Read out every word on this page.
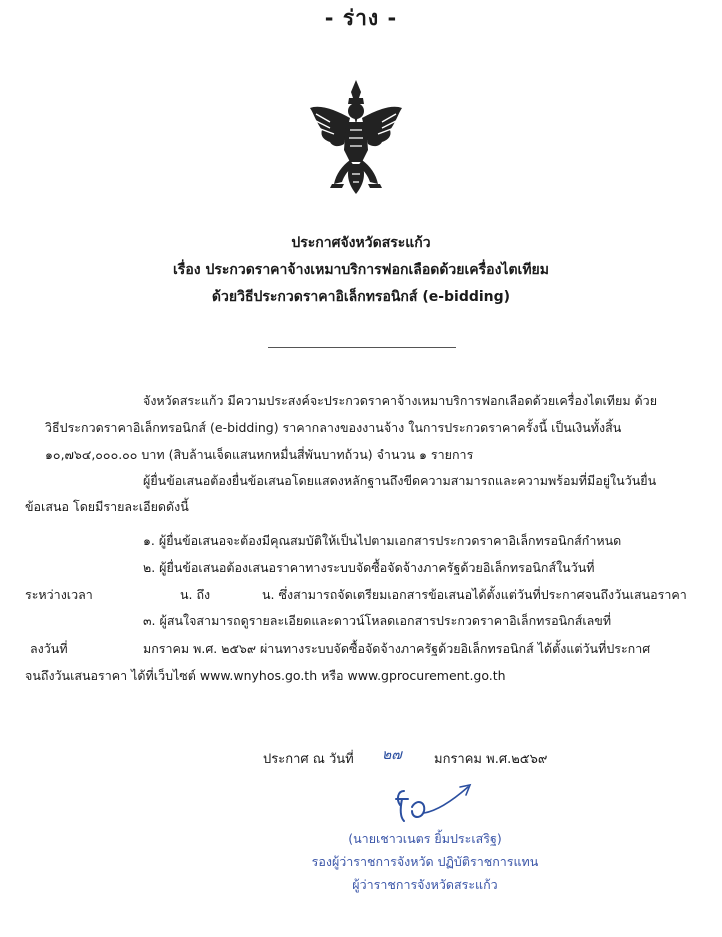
- ร่าง -
ประกาศจังหวัดสระแก้ว
เรื่อง ประกวดราคาจ้างเหมาบริการฟอกเลือดด้วยเครื่องไตเทียม
ด้วยวิธีประกวดราคาอิเล็กทรอนิกส์ (e-bidding)
จังหวัดสระแก้ว มีความประสงค์จะประกวดราคาจ้างเหมาบริการฟอกเลือดด้วยเครื่องไตเทียม ด้วย
วิธีประกวดราคาอิเล็กทรอนิกส์ (e-bidding) ราคากลางของงานจ้าง ในการประกวดราคาครั้งนี้ เป็นเงินทั้งสิ้น
๑๐,๗๖๔,๐๐๐.๐๐ บาท (สิบล้านเจ็ดแสนหกหมื่นสี่พันบาทถ้วน) จำนวน ๑ รายการ
ผู้ยื่นข้อเสนอต้องยื่นข้อเสนอโดยแสดงหลักฐานถึงขีดความสามารถและความพร้อมที่มีอยู่ในวันยื่น
ข้อเสนอ โดยมีรายละเอียดดังนี้
๑. ผู้ยื่นข้อเสนอจะต้องมีคุณสมบัติให้เป็นไปตามเอกสารประกวดราคาอิเล็กทรอนิกส์กำหนด
๒. ผู้ยื่นข้อเสนอต้องเสนอราคาทางระบบจัดซื้อจัดจ้างภาครัฐด้วยอิเล็กทรอนิกส์ในวันที่
ระหว่างเวลา	น. ถึง	น. ซึ่งสามารถจัดเตรียมเอกสารข้อเสนอได้ตั้งแต่วันที่ประกาศจนถึงวันเสนอราคา
๓. ผู้สนใจสามารถดูรายละเอียดและดาวน์โหลดเอกสารประกวดราคาอิเล็กทรอนิกส์เลขที่
ลงวันที่	มกราคม พ.ศ. ๒๕๖๙ ผ่านทางระบบจัดซื้อจัดจ้างภาครัฐด้วยอิเล็กทรอนิกส์ ได้ตั้งแต่วันที่ประกาศ
จนถึงวันเสนอราคา ได้ที่เว็บไซต์ www.wnyhos.go.th หรือ www.gprocurement.go.th
ประกาศ ณ วันที่ ๒๗ มกราคม พ.ศ.๒๕๖๙
(นายเชาวเนตร ยิ้มประเสริฐ)
รองผู้ว่าราชการจังหวัด ปฏิบัติราชการแทน
ผู้ว่าราชการจังหวัดสระแก้ว
